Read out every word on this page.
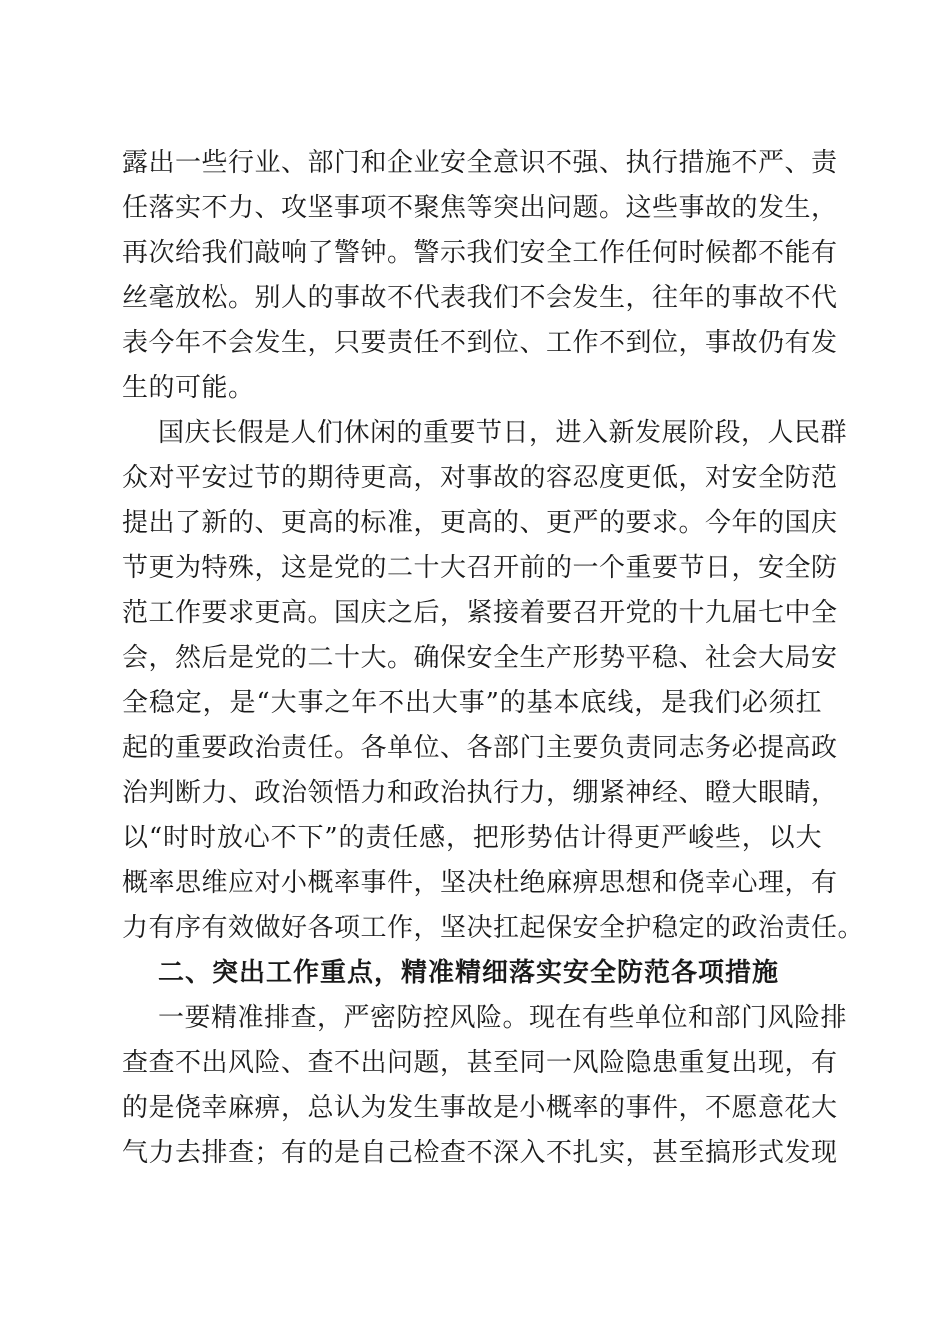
露出一些行业、部门和企业安全意识不强、执行措施不严、责
任落实不力、攻坚事项不聚焦等突出问题。这些事故的发生，
再次给我们敲响了警钟。警示我们安全工作任何时候都不能有
丝毫放松。别人的事故不代表我们不会发生，往年的事故不代
表今年不会发生，只要责任不到位、工作不到位，事故仍有发
生的可能。
国庆长假是人们休闲的重要节日，进入新发展阶段，人民群
众对平安过节的期待更高，对事故的容忍度更低，对安全防范
提出了新的、更高的标准，更高的、更严的要求。今年的国庆
节更为特殊，这是党的二十大召开前的一个重要节日，安全防
范工作要求更高。国庆之后，紧接着要召开党的十九届七中全
会，然后是党的二十大。确保安全生产形势平稳、社会大局安
全稳定，是“大事之年不出大事”的基本底线，是我们必须扛
起的重要政治责任。各单位、各部门主要负责同志务必提高政
治判断力、政治领悟力和政治执行力，绷紧神经、瞪大眼睛，
以“时时放心不下”的责任感，把形势估计得更严峻些，以大
概率思维应对小概率事件，坚决杜绝麻痹思想和侥幸心理，有
力有序有效做好各项工作，坚决扛起保安全护稳定的政治责任。
二、突出工作重点，精准精细落实安全防范各项措施
一要精准排查，严密防控风险。现在有些单位和部门风险排
查查不出风险、查不出问题，甚至同一风险隐患重复出现，有
的是侥幸麻痹，总认为发生事故是小概率的事件，不愿意花大
气力去排查；有的是自己检查不深入不扎实，甚至搞形式发现
